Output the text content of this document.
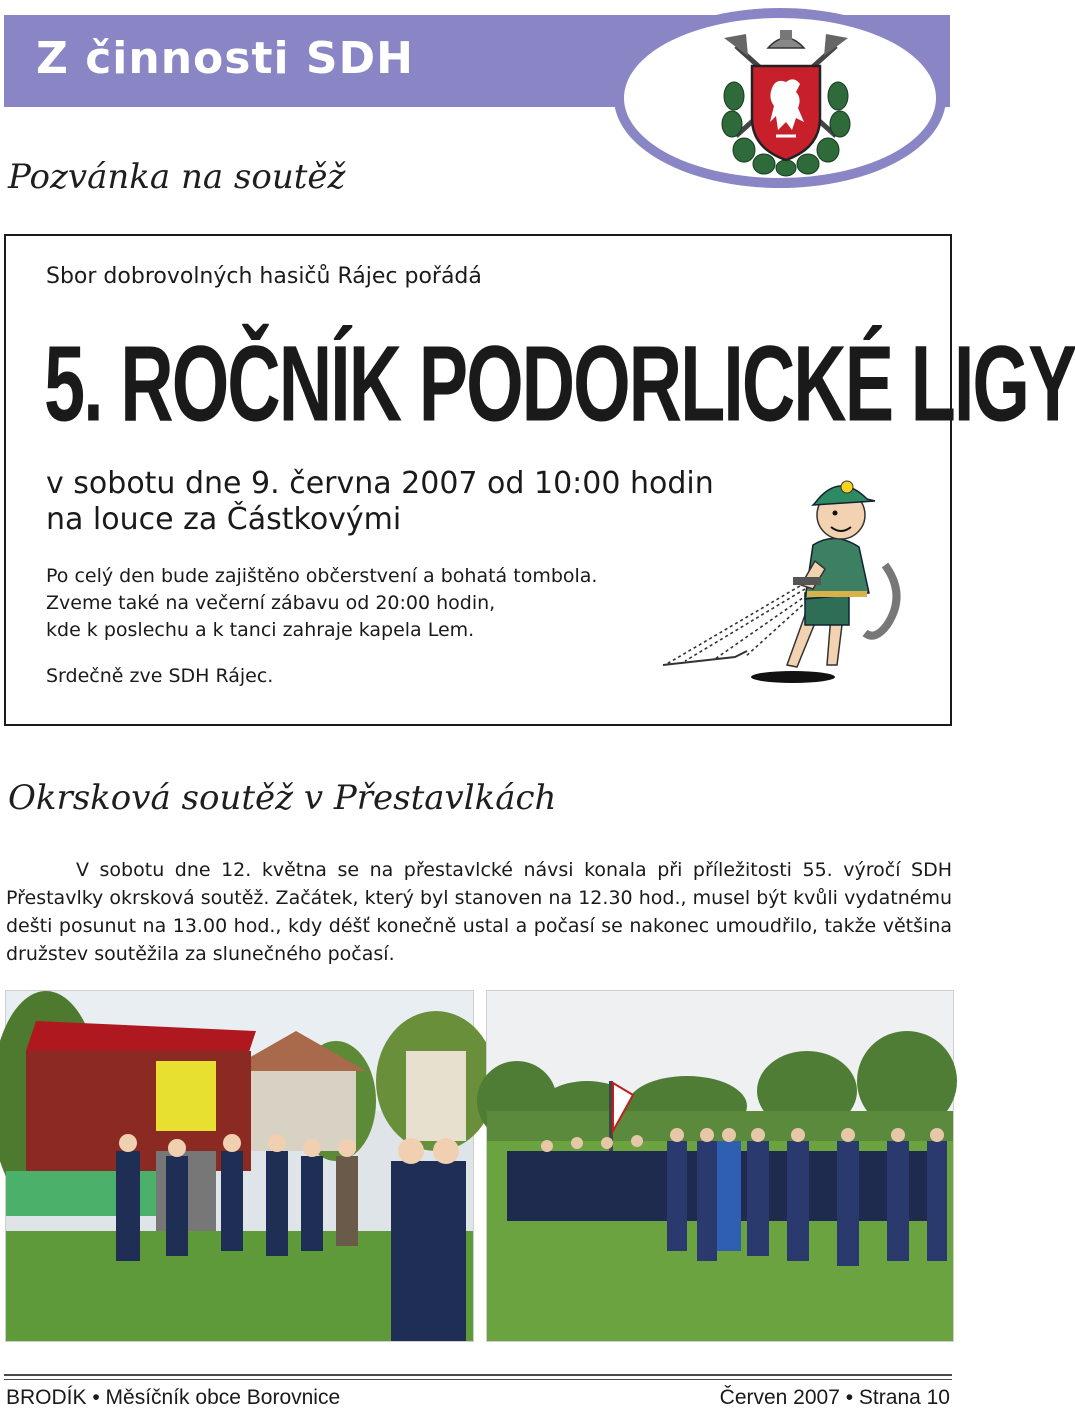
Z činnosti SDH
Pozvánka na soutěž
Sbor dobrovolných hasičů Rájec pořádá
5. ROČNÍK PODORLICKÉ LIGY
v sobotu dne 9. června 2007 od 10:00 hodin
na louce za Částkovými
Po celý den bude zajištěno občerstvení a bohatá tombola.
Zveme také na večerní zábavu od 20:00 hodin,
kde k poslechu a k tanci zahraje kapela Lem.
Srdečně zve SDH Rájec.
Okrsková soutěž v Přestavlkách
V sobotu dne 12. května se na přestavlcké návsi konala při příležitosti 55. výročí SDH Přestavlky okrsková soutěž. Začátek, který byl stanoven na 12.30 hod., musel být kvůli vydatnému dešti posunut na 13.00 hod., kdy déšť konečně ustal a počasí se nakonec umoudřilo, takže většina družstev soutěžila za slunečného počasí.
BRODÍK • Měsíčník obce Borovnice	Červen 2007 • Strana 10
